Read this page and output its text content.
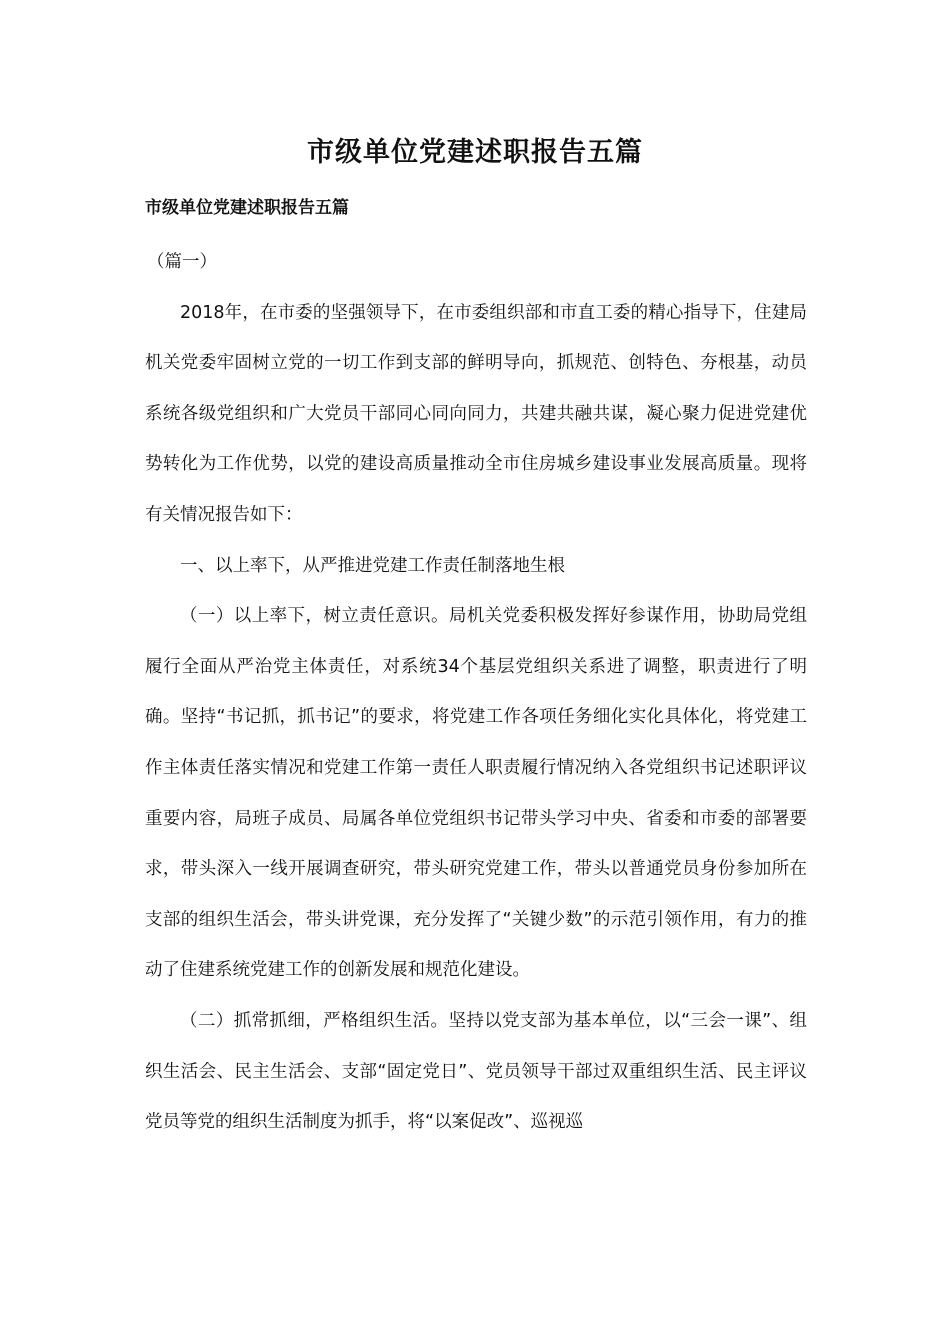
市级单位党建述职报告五篇
市级单位党建述职报告五篇

（篇一）

2018年，在市委的坚强领导下，在市委组织部和市直工委的精心指导下，住建局机关党委牢固树立党的一切工作到支部的鲜明导向，抓规范、创特色、夯根基，动员系统各级党组织和广大党员干部同心同向同力，共建共融共谋，凝心聚力促进党建优势转化为工作优势，以党的建设高质量推动全市住房城乡建设事业发展高质量。现将有关情况报告如下：

一、以上率下，从严推进党建工作责任制落地生根

（一）以上率下，树立责任意识。局机关党委积极发挥好参谋作用，协助局党组履行全面从严治党主体责任，对系统34个基层党组织关系进了调整，职责进行了明确。坚持“书记抓，抓书记”的要求，将党建工作各项任务细化实化具体化，将党建工作主体责任落实情况和党建工作第一责任人职责履行情况纳入各党组织书记述职评议重要内容，局班子成员、局属各单位党组织书记带头学习中央、省委和市委的部署要求，带头深入一线开展调查研究，带头研究党建工作，带头以普通党员身份参加所在支部的组织生活会，带头讲党课，充分发挥了“关键少数”的示范引领作用，有力的推动了住建系统党建工作的创新发展和规范化建设。

（二）抓常抓细，严格组织生活。坚持以党支部为基本单位，以“三会一课”、组织生活会、民主生活会、支部“固定党日”、党员领导干部过双重组织生活、民主评议党员等党的组织生活制度为抓手，将“以案促改”、巡视巡
